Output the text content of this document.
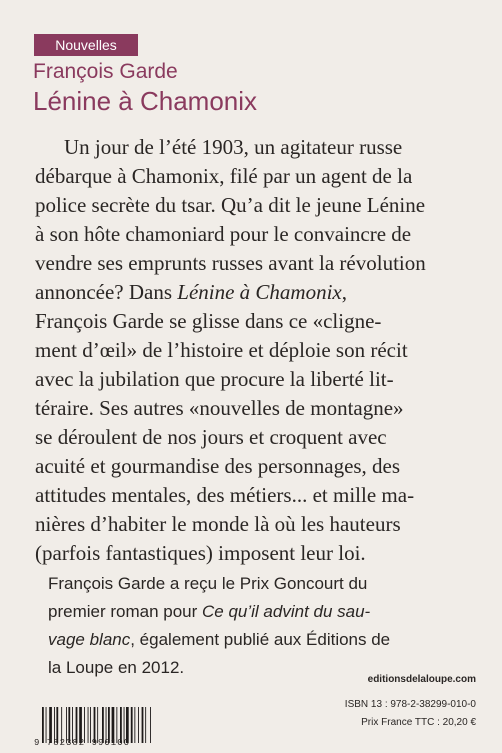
Nouvelles
François Garde
Lénine à Chamonix
Un jour de l’été 1903, un agitateur russe
débarque à Chamonix, filé par un agent de la
police secrète du tsar. Qu’a dit le jeune Lénine
à son hôte chamoniard pour le convaincre de
vendre ses emprunts russes avant la révolution
annoncée? Dans Lénine à Chamonix,
François Garde se glisse dans ce «cligne-
ment d’œil» de l’histoire et déploie son récit
avec la jubilation que procure la liberté lit-
téraire. Ses autres «nouvelles de montagne»
se déroulent de nos jours et croquent avec
acuité et gourmandise des personnages, des
attitudes mentales, des métiers... et mille ma-
nières d’habiter le monde là où les hauteurs
(parfois fantastiques) imposent leur loi.
François Garde a reçu le Prix Goncourt du
premier roman pour Ce qu’il advint du sau-
vage blanc, également publié aux Éditions de
la Loupe en 2012.
editionsdelaloupe.com
ISBN 13 : 978-2-38299-010-0
Prix France TTC : 20,20 €
9 782382 990100
